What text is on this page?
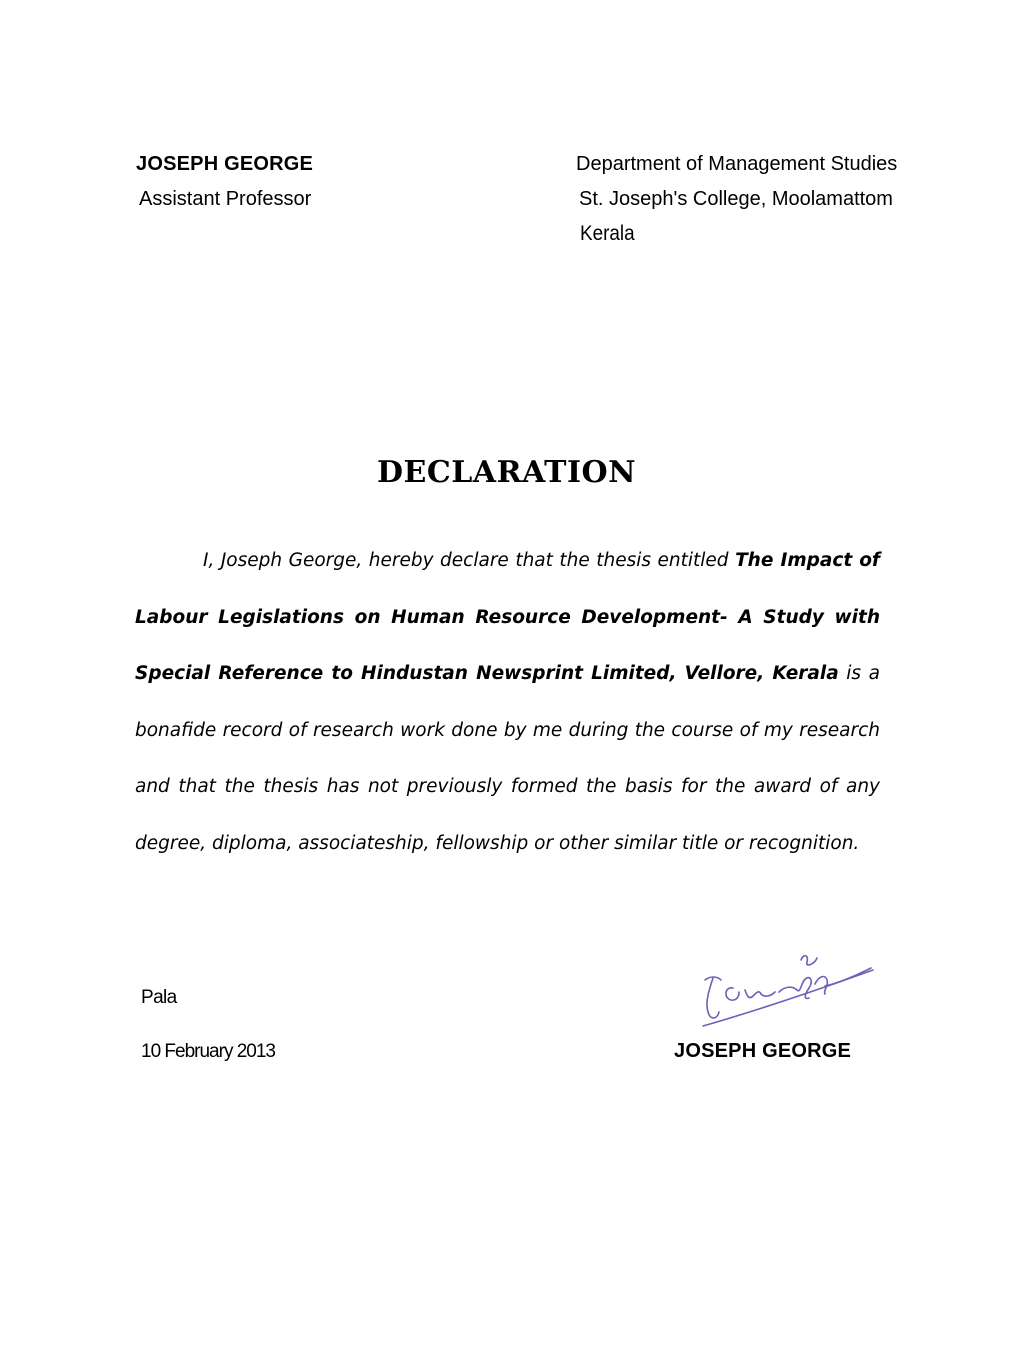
JOSEPH GEORGE
Assistant Professor
Department of Management Studies
St. Joseph's College, Moolamattom
Kerala
DECLARATION
I, Joseph George, hereby declare that the thesis entitled The Impact of Labour Legislations on Human Resource Development- A Study with Special Reference to Hindustan Newsprint Limited, Vellore, Kerala is a bonafide record of research work done by me during the course of my research and that the thesis has not previously formed the basis for the award of any degree, diploma, associateship, fellowship or other similar title or recognition.
Pala
10 February 2013	JOSEPH GEORGE
